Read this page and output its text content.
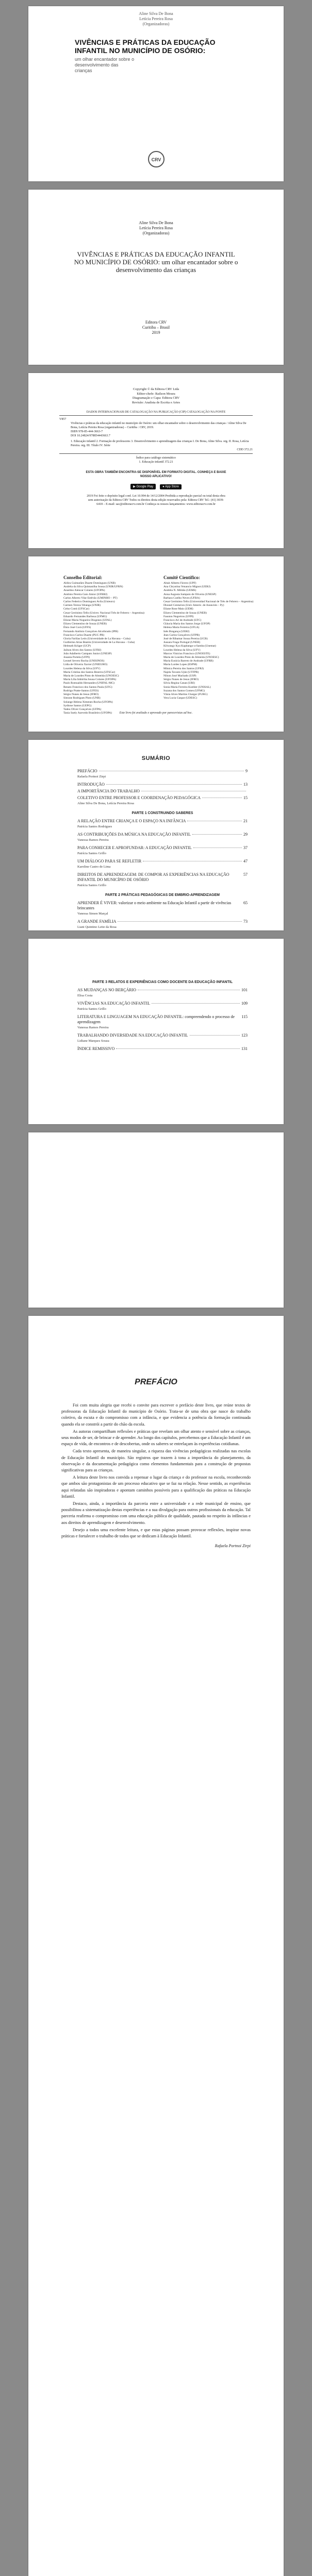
Aline Silva De Bona
Letícia Pereira Rosa
(Organizadoras)
VIVÊNCIAS E PRÁTICAS DA EDUCAÇÃO INFANTIL NO MUNICÍPIO DE OSÓRIO:
um olhar encantador sobre o desenvolvimento das crianças
CRV
Aline Silva De Bona
Letícia Pereira Rosa
(Organizadoras)
VIVÊNCIAS E PRÁTICAS DA EDUCAÇÃO INFANTIL NO MUNICÍPIO DE OSÓRIO: um olhar encantador sobre o desenvolvimento das crianças
Editora CRV
Curitiba – Brasil
2019
Copyright © da Editora CRV Ltda
Editor-chefe: Railson Moura
Diagramação e Capa: Editora CRV
Revisão: Analista de Escrita e Artes
DADOS INTERNACIONAIS DE CATALOGAÇÃO NA PUBLICAÇÃO (CIP) CATALOGAÇÃO NA FONTE
V857
Vivências e práticas da educação infantil no município de Osório: um olhar encantador sobre o desenvolvimento das crianças / Aline Silva De Bona, Letícia Pereira Rosa (organizadoras) – Curitiba : CRV, 2019.
ISBN 978-85-444-3663-7
DOI 10.24824/978854443663.7
1. Educação infantil 2. Formação de professores 3. Desenvolvimento e aprendizagem das crianças I. De Bona, Aline Silva. org. II. Rosa, Letícia Pereira. org. III. Título IV. Série
CDD 372.21
Índice para catálogo sistemático
1. Educação infantil 372.21
ESTA OBRA TAMBÉM ENCONTRA-SE DISPONÍVEL EM FORMATO DIGITAL. CONHEÇA E BAIXE NOSSO APLICATIVO!
▶ Google Play	● App Store
2019 Foi feito o depósito legal conf. Lei 10.994 de 14/12/2004 Proibida a reprodução parcial ou total desta obra sem autorização da Editora CRV Todos os direitos desta edição reservados pela: Editora CRV Tel.: (41) 3039-6418 – E-mail: sac@editoracrv.com.br Conheça os nossos lançamentos: www.editoracrv.com.br
Conselho Editorial:
Aldira Guimarães Duarte Domínguez (UNB)
Andréia da Silva Quintanilha Sousa (UNIR/UFRN)
Anselmo Alencar Colares (UFOPA)
Antônio Pereira Gaio Júnior (UFRRJ)
Carlos Alberto Vilar Estêvão (UMINHO – PT)
Carlos Federico Dominguez Avila (Unieuro)
Carmen Tereza Velanga (UNIR)
Celso Conti (UFSCar)
Cesar Gerónimo Tello (Univer. Nacional Três de Febrero – Argentina)
Eduardo Fernandes Barbosa (UFMG)
Elione Maria Nogueira Diogenes (UFAL)
Elizeu Clementino de Souza (UNEB)
Élsio José Corá (UFFS)
Fernando Antônio Gonçalves Alcoforado (IPB)
Francisco Carlos Duarte (PUC-PR)
Gloria Fariñas León (Universidade de La Havana – Cuba)
Guillermo Arias Beatón (Universidade de La Havana – Cuba)
Helmuth Krüger (UCP)
Jailson Alves dos Santos (UFRJ)
João Adalberto Campato Junior (UNESP)
Josania Portela (UFPI)
Leonel Severo Rocha (UNISINOS)
Lídia de Oliveira Xavier (UNIEURO)
Lourdes Helena da Silva (UFV)
Maria Cristina dos Santos Bezerra (UFSCar)
Maria de Lourdes Pinto de Almeida (UNOESC)
Maria Lília Imbiriba Sousa Colares (UFOPA)
Paulo Romualdo Hernandes (UNIFAL-MG)
Renato Francisco dos Santos Paula (UFG)
Rodrigo Pratte-Santos (UFES)
Sérgio Nunes de Jesus (IFRO)
Simone Rodrigues Pinto (UNB)
Solange Helena Ximenes-Rocha (UFOPA)
Sydione Santos (UEPG)
Tadeu Oliver Gonçalves (UFPA)
Tania Suely Azevedo Brasileiro (UFOPA)
Comitê Científico:
Altair Alberto Fávero (UPF)
Ana Chrystina Venancio Mignot (UERJ)
Andréia N. Militão (UEMS)
Anna Augusta Sampaio de Oliveira (UNESP)
Barbara Coelho Neves (UFBA)
Cesar Gerónimo Tello (Universidad Nacional de Três de Febrero – Argentina)
Diosnel Centurion (Univ Americ. de Asunción – Py)
Eliane Rose Maio (UEM)
Elizeu Clementino de Souza (UNEB)
Fauston Negreiros (UFPI)
Francisco Ari de Andrade (UFC)
Gláucia Maria dos Santos Jorge (UFOP)
Helena Maria Ferreira (UFLA)
Inês Bragança (UERJ)
Jean Carlos Gonçalves (UFPR)
José de Ribamar Sousa Pereira (UCB)
Jussara Fraga Portugal (UNEB)
Kilwangy Kya Kapitango-a-Samba (Unemat)
Lourdes Helena da Silva (UFV)
Marcos Vinicius Francisco (UNOESTE)
Maria de Lourdes Pinto de Almeida (UNOESC)
Maria Eurácia Barreto de Andrade (UFRB)
Maria Lurdes Lopes (ESPM)
Mônica Pereira dos Santos (UFRJ)
Najela Tavares Ujiie (UTFPR)
Nilson José Machado (USP)
Sérgio Nunes de Jesus (IFRO)
Silvia Regina Canan (URI)
Sonia Maria Ferreira Koehler (UNISAL)
Suzana dos Santos Gomes (UFMG)
Vânia Alves Martins Chaigar (FURG)
Vera Lucia Gaspar (UDESC)
Este livro foi avaliado e aprovado por pareceristas ad hoc.
SUMÁRIO
PREFÁCIO	9
Rafaela Portnoi Zirpi
INTRODUÇÃO	13
A IMPORTÂNCIA DO TRABALHO
COLETIVO ENTRE PROFESSOR E COORDENAÇÃO PEDAGÓGICA	15
Aline Silva De Bona, Letícia Pereira Rosa
PARTE 1 CONSTRUINDO SABERES
A RELAÇÃO ENTRE CRIANÇA E O ESPAÇO NA INFÂNCIA	21
Patrícia Santos Rodrigues
AS CONTRIBUIÇÕES DA MÚSICA NA EDUCAÇÃO INFANTIL	29
Vanessa Ramos Pereira
PARA CONHECER E APROFUNDAR: A EDUCAÇÃO INFANTIL	37
Patrícia Santos Grillo
UM DIÁLOGO PARA SE REFLETIR	47
Karoline Castro de Lima
DIREITOS DE APRENDIZAGEM: DE COMPOR AS EXPERIÊNCIAS NA EDUCAÇÃO INFANTIL DO MUNICÍPIO DE OSÓRIO
57
Patrícia Santos Grillo
PARTE 2 PRÁTICAS PEDAGÓGICAS DE EMBRIO-APRENDIZAGEM
APRENDER É VIVER: valorizar o meio ambiente na Educação Infantil a partir de vivências brincantes
65
Vanessa Simon Marçal
A GRANDE FAMÍLIA	73
Liani Quintino Leite da Rosa
PARTE 3 RELATOS E EXPERIÊNCIAS COMO DOCENTE DA EDUCAÇÃO INFANTIL
AS MUDANÇAS NO BERÇÁRIO	101
Elisa Costa
VIVÊNCIAS NA EDUCAÇÃO INFANTIL	109
Patrícia Santos Grillo
LITERATURA E LINGUAGEM NA EDUCAÇÃO INFANTIL: compreendendo o processo de aprendizagem
115
Vanessa Ramos Pereira
TRABALHANDO DIVERSIDADE NA EDUCAÇÃO INFANTIL	123
Lidiane Marques Souza
ÍNDICE REMISSIVO	131
PREFÁCIO

Foi com muita alegria que recebi o convite para escrever o prefácio deste livro, que reúne textos de professoras da Educação Infantil do município de Osório. Trata-se de uma obra que nasce do trabalho coletivo, da escuta e do compromisso com a infância, e que evidencia a potência da formação continuada quando ela se constrói a partir do chão da escola.

As autoras compartilham reflexões e práticas que revelam um olhar atento e sensível sobre as crianças, seus modos de ser, de brincar e de aprender. Ao longo dos capítulos, percebemos que a Educação Infantil é um espaço de vida, de encontros e de descobertas, onde os saberes se entrelaçam às experiências cotidianas.

Cada texto apresenta, de maneira singular, a riqueza das vivências pedagógicas realizadas nas escolas de Educação Infantil do município. São registros que trazem à tona a importância do planejamento, da observação e da documentação pedagógica como elementos fundamentais para a construção de propostas significativas para as crianças.

A leitura deste livro nos convida a repensar o lugar da criança e do professor na escola, reconhecendo que ambos são protagonistas de um processo educativo que se faz na relação. Nesse sentido, as experiências aqui relatadas são inspiradoras e apontam caminhos possíveis para a qualificação das práticas na Educação Infantil.

Destaco, ainda, a importância da parceria entre a universidade e a rede municipal de ensino, que possibilitou a sistematização destas experiências e a sua divulgação para outros profissionais da educação. Tal parceria reafirma o compromisso com uma educação pública de qualidade, pautada no respeito às infâncias e aos direitos de aprendizagem e desenvolvimento.

Desejo a todos uma excelente leitura, e que estas páginas possam provocar reflexões, inspirar novas práticas e fortalecer o trabalho de todos que se dedicam à Educação Infantil.

Rafaela Portnoi Zirpi
